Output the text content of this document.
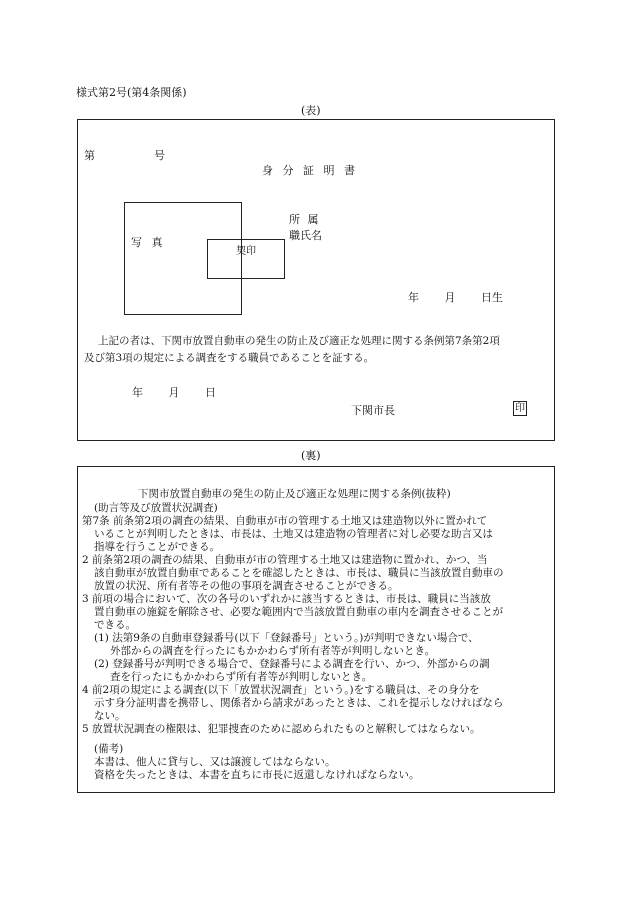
様式第2号(第4条関係)
(表)
第	号
身 分 証 明 書
写 真
契印
所 属
職氏名
年 月 日生
上記の者は、下関市放置自動車の発生の防止及び適正な処理に関する条例第7条第2項
及び第3項の規定による調査をする職員であることを証する。
年 月 日
下関市長	印
(裏)
下関市放置自動車の発生の防止及び適正な処理に関する条例(抜粋)
(助言等及び放置状況調査)
第7条 前条第2項の調査の結果、自動車が市の管理する土地又は建造物以外に置かれて
いることが判明したときは、市長は、土地又は建造物の管理者に対し必要な助言又は
指導を行うことができる。
2 前条第2項の調査の結果、自動車が市の管理する土地又は建造物に置かれ、かつ、当
該自動車が放置自動車であることを確認したときは、市長は、職員に当該放置自動車の
放置の状況、所有者等その他の事項を調査させることができる。
3 前項の場合において、次の各号のいずれかに該当するときは、市長は、職員に当該放
置自動車の施錠を解除させ、必要な範囲内で当該放置自動車の車内を調査させることが
できる。
(1) 法第9条の自動車登録番号(以下「登録番号」という。)が判明できない場合で、
外部からの調査を行ったにもかかわらず所有者等が判明しないとき。
(2) 登録番号が判明できる場合で、登録番号による調査を行い、かつ、外部からの調
査を行ったにもかかわらず所有者等が判明しないとき。
4 前2項の規定による調査(以下「放置状況調査」という。)をする職員は、その身分を
示す身分証明書を携帯し、関係者から請求があったときは、これを提示しなければなら
ない。
5 放置状況調査の権限は、犯罪捜査のために認められたものと解釈してはならない。
(備考)
本書は、他人に貸与し、又は譲渡してはならない。
資格を失ったときは、本書を直ちに市長に返還しなければならない。
